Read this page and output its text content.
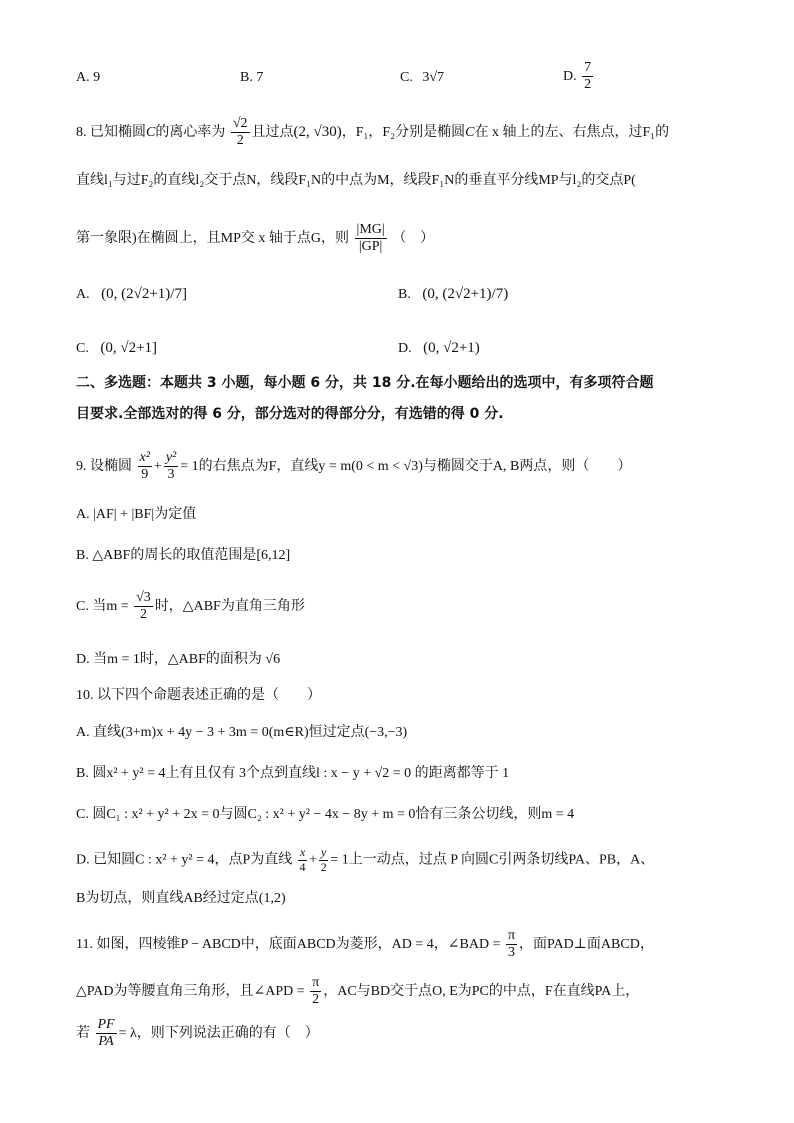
A. 9	B. 7	C. 3√7	D. $\frac{7}{2}$
8. 已知椭圆C的离心率为 $\frac{√2}{2}$ 且过点(2, √30)，F₁，F₂分别是椭圆C在 x 轴上的左、右焦点，过F₁的
直线l₁与过F₂的直线l₂交于点N，线段F₁N的中点为M，线段F₁N的垂直平分线MP与l₂的交点P(
第一象限)在椭圆上，且MP交 x 轴于点G，则 $\frac{|MG|}{|GP|}$ （　）
A. (0, (2√2+1)/7]	B. (0, (2√2+1)/7)
C. (0, √2+1]	D. (0, √2+1)
二、多选题：本题共 3 小题，每小题 6 分，共 18 分.在每小题给出的选项中，有多项符合题
目要求.全部选对的得 6 分，部分选对的得部分分，有选错的得 0 分.
9. 设椭圆 $\frac{\text{x²}}{9} + \frac{\text{y²}}{3} = 1$的右焦点为F，直线y = m(0 < m < √3)与椭圆交于A, B两点，则（　　）
A. |AF| + |BF|为定值
B. △ABF的周长的取值范围是[6,12]
C. 当$m = \frac{√3}{2}$ 时，△ABF为直角三角形
D. 当m = 1时，△ABF的面积为 √6
10. 以下四个命题表述正确的是（　　）
A. 直线(3+m)x + 4y − 3 + 3m = 0(m∈R)恒过定点(−3,−3)
B. 圆x² + y² = 4上有且仅有 3个点到直线l : x − y + √2 = 0 的距离都等于 1
C. 圆C₁ : x² + y² + 2x = 0与圆C₂ : x² + y² − 4x − 8y + m = 0恰有三条公切线，则m = 4
D. 已知圆C : x² + y² = 4，点P为直线 $\frac{x}{4} + \frac{y}{2} = 1$上一动点，过点 P 向圆C引两条切线PA、PB，A、
B为切点，则直线AB经过定点(1,2)
11. 如图，四棱锥P − ABCD中，底面ABCD为菱形，AD = 4，∠BAD = $\frac{\pi}{3}$ ，面PAD⊥面ABCD，
△PAD为等腰直角三角形，且∠APD = $\frac{\pi}{2}$ ，AC与BD交于点O, E为PC的中点，F在直线PA上，
若 $\frac{PF}{PA} = \lambda$，则下列说法正确的有（　）
